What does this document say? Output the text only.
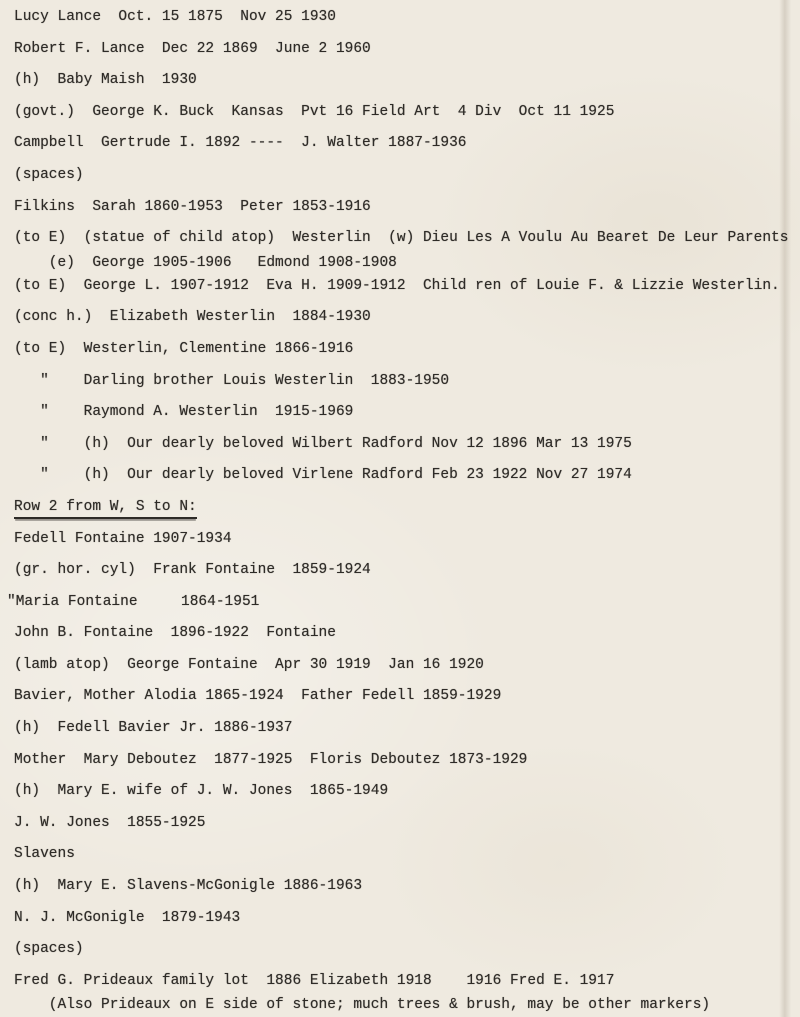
Lucy Lance  Oct. 15 1875  Nov 25 1930
Robert F. Lance  Dec 22 1869  June 2 1960
(h)  Baby Maish  1930
(govt.)  George K. Buck  Kansas  Pvt 16 Field Art  4 Div  Oct 11 1925
Campbell  Gertrude I. 1892 ----  J. Walter 1887-1936
(spaces)
Filkins  Sarah 1860-1953  Peter 1853-1916
(to E)  (statue of child atop)  Westerlin  (w) Dieu Les A Voulu Au Bearet De Leur Parents
(e)  George 1905-1906   Edmond 1908-1908
(to E)  George L. 1907-1912  Eva H. 1909-1912  Child ren of Louie F. & Lizzie Westerlin.
(conc h.)  Elizabeth Westerlin  1884-1930
(to E)  Westerlin, Clementine 1866-1916
"    Darling brother Louis Westerlin  1883-1950
"    Raymond A. Westerlin  1915-1969
"    (h)  Our dearly beloved Wilbert Radford Nov 12 1896 Mar 13 1975
"    (h)  Our dearly beloved Virlene Radford Feb 23 1922 Nov 27 1974
Row 2 from W, S to N:
Fedell Fontaine 1907-1934
(gr. hor. cyl)  Frank Fontaine  1859-1924
"Maria Fontaine     1864-1951
John B. Fontaine  1896-1922  Fontaine
(lamb atop)  George Fontaine  Apr 30 1919  Jan 16 1920
Bavier, Mother Alodia 1865-1924  Father Fedell 1859-1929
(h)  Fedell Bavier Jr. 1886-1937
Mother  Mary Deboutez  1877-1925  Floris Deboutez 1873-1929
(h)  Mary E. wife of J. W. Jones  1865-1949
J. W. Jones  1855-1925
Slavens
(h)  Mary E. Slavens-McGonigle 1886-1963
N. J. McGonigle  1879-1943
(spaces)
Fred G. Prideaux family lot  1886 Elizabeth 1918    1916 Fred E. 1917
(Also Prideaux on E side of stone; much trees & brush, may be other markers)
